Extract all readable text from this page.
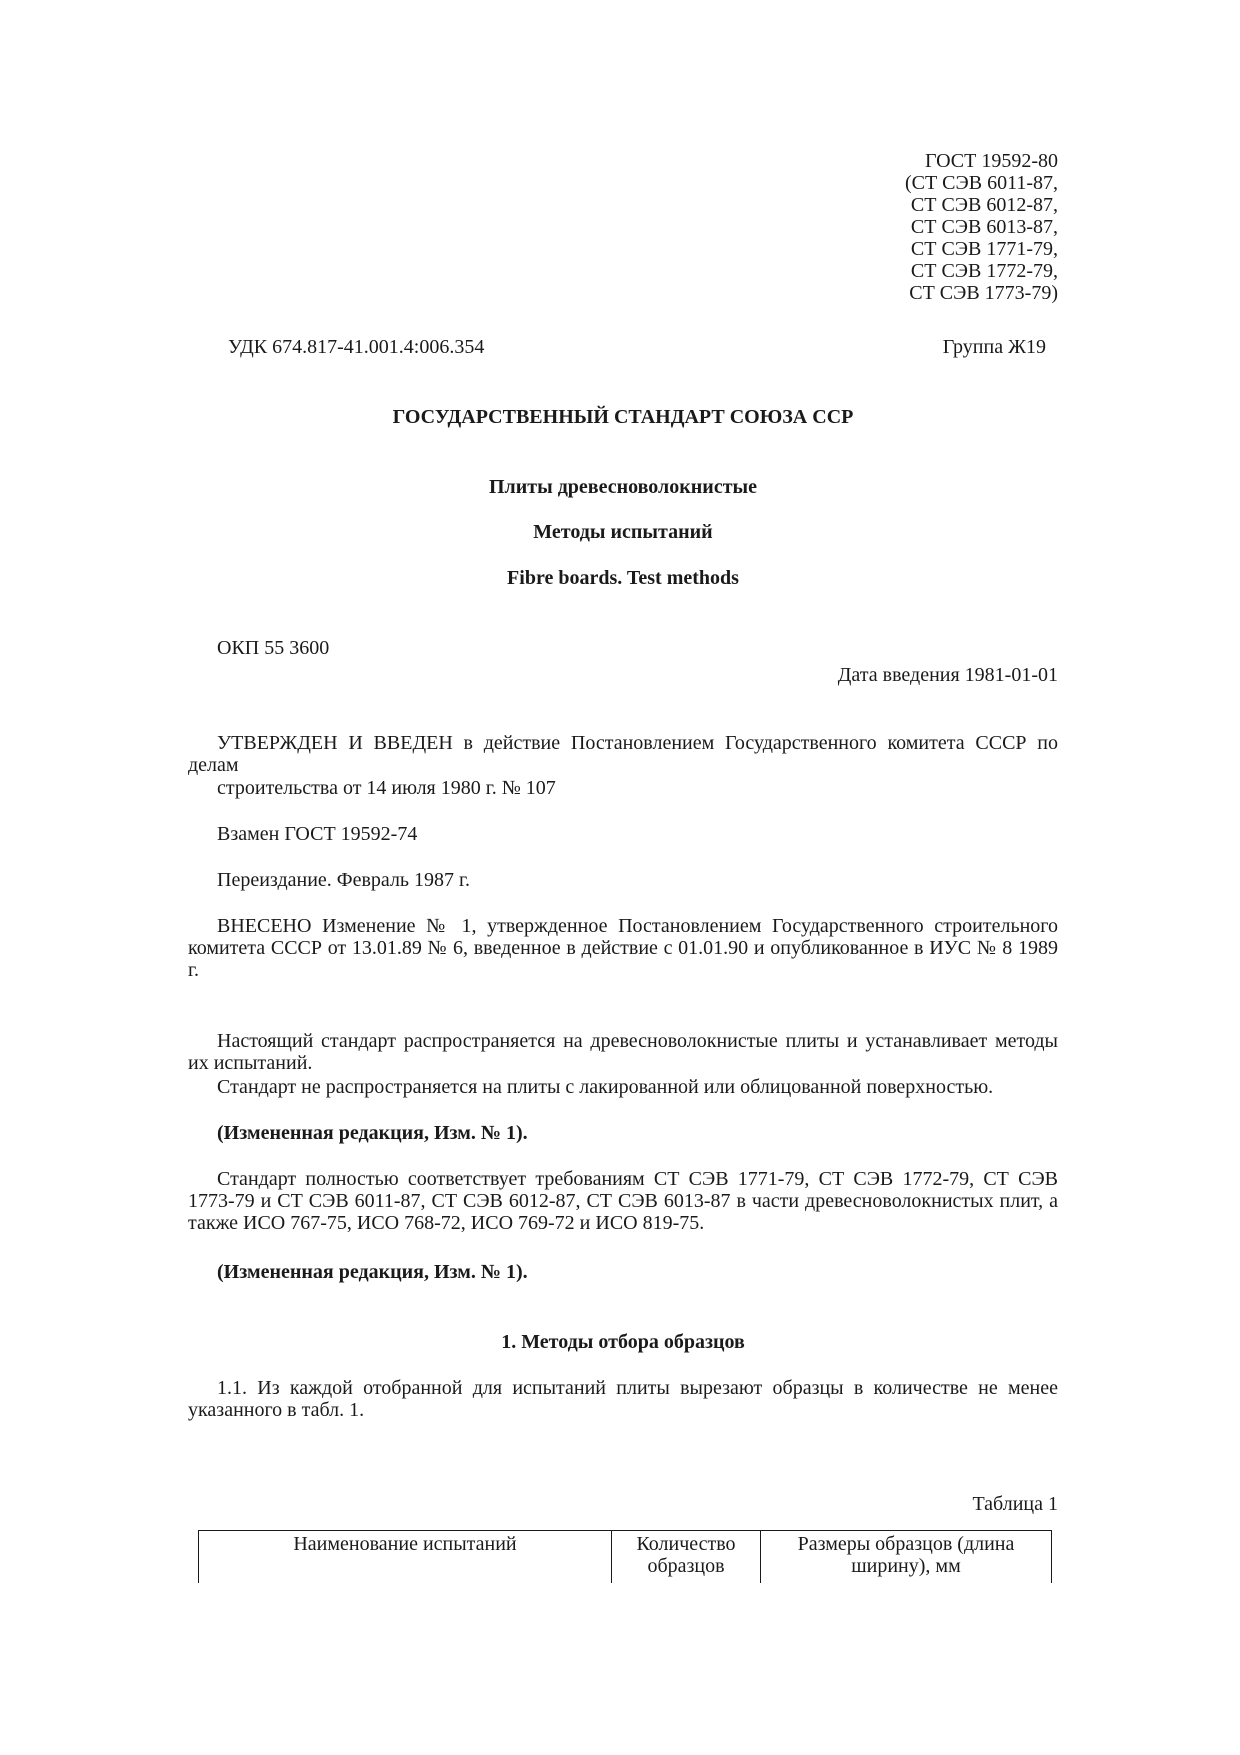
ГОСТ 19592-80
(СТ СЭВ 6011-87,
СТ СЭВ 6012-87,
СТ СЭВ 6013-87,
СТ СЭВ 1771-79,
СТ СЭВ 1772-79,
СТ СЭВ 1773-79)
УДК 674.817-41.001.4:006.354	Группа Ж19
ГОСУДАРСТВЕННЫЙ СТАНДАРТ СОЮЗА ССР
Плиты древесноволокнистые
Методы испытаний
Fibre boards. Test methods
ОКП 55 3600
Дата введения 1981-01-01
УТВЕРЖДЕН И ВВЕДЕН в действие Постановлением Государственного комитета СССР по делам
строительства от 14 июля 1980 г. № 107
Взамен ГОСТ 19592-74
Переиздание. Февраль 1987 г.
ВНЕСЕНО Изменение № 1, утвержденное Постановлением Государственного строительного комитета СССР от 13.01.89 № 6, введенное в действие с 01.01.90 и опубликованное в ИУС № 8 1989 г.
Настоящий стандарт распространяется на древесноволокнистые плиты и устанавливает методы их испытаний.
Стандарт не распространяется на плиты с лакированной или облицованной поверхностью.
(Измененная редакция, Изм. № 1).
Стандарт полностью соответствует требованиям СТ СЭВ 1771-79, СТ СЭВ 1772-79, СТ СЭВ 1773-79 и СТ СЭВ 6011-87, СТ СЭВ 6012-87, СТ СЭВ 6013-87 в части древесноволокнистых плит, а также ИСО 767-75, ИСО 768-72, ИСО 769-72 и ИСО 819-75.
(Измененная редакция, Изм. № 1).
1. Методы отбора образцов
1.1. Из каждой отобранной для испытаний плиты вырезают образцы в количестве не менее указанного в табл. 1.
Таблица 1
Наименование испытаний	Количество образцов	Размеры образцов (длина ширину), мм
